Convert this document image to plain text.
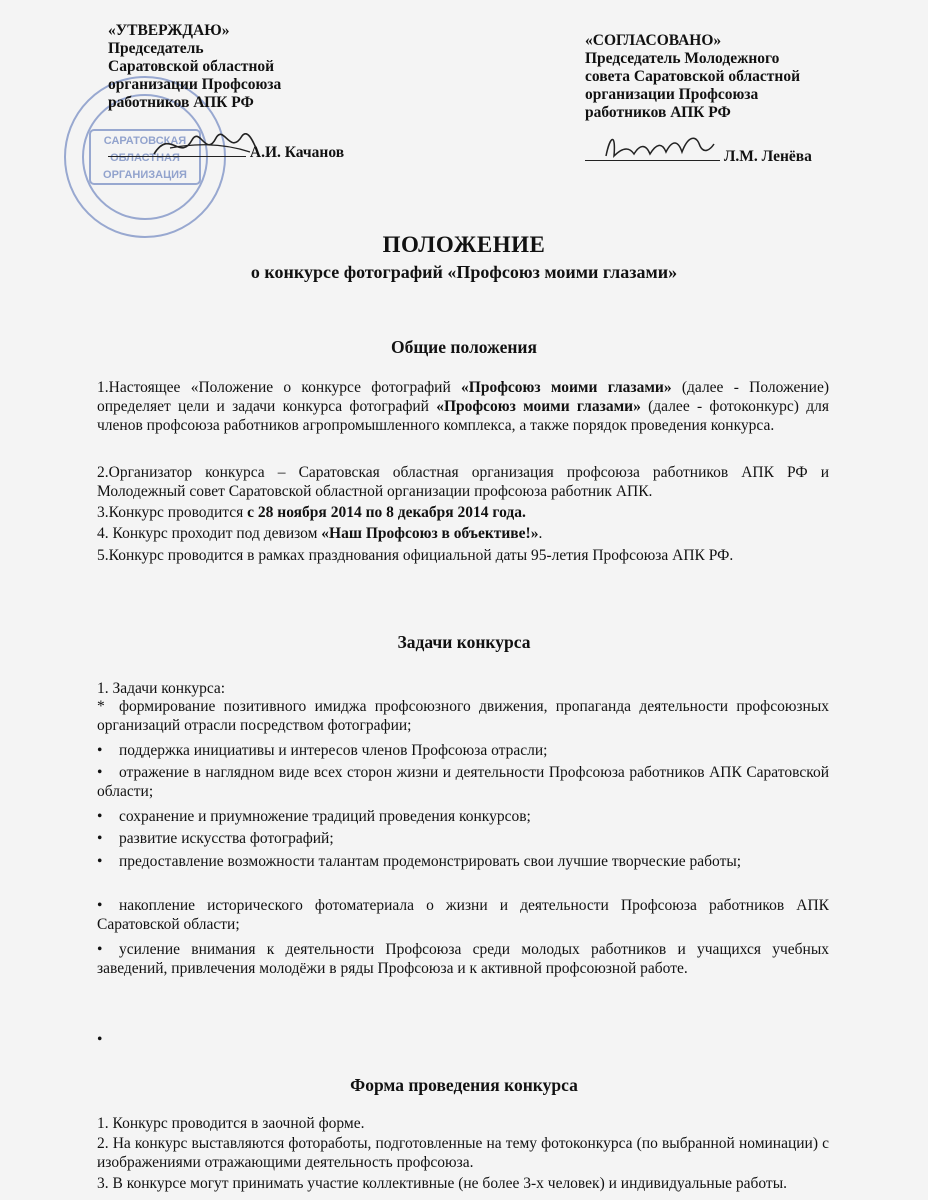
САРАТОВСКАЯ
ОБЛАСТНАЯ
ОРГАНИЗАЦИЯ
«УТВЕРЖДАЮ»
Председатель
Саратовской областной
организации Профсоюза
работников АПК РФ
А.И. Качанов
«СОГЛАСОВАНО»
Председатель Молодежного
совета Саратовской областной
организации Профсоюза
работников АПК РФ
Л.М. Ленёва
ПОЛОЖЕНИЕ
о конкурсе фотографий «Профсоюз моими глазами»
Общие положения

1.Настоящее «Положение о конкурсе фотографий «Профсоюз моими глазами» (далее - Положение) определяет цели и задачи конкурса фотографий «Профсоюз моими глазами» (далее - фотоконкурс) для членов профсоюза работников агропромышленного комплекса, а также порядок проведения конкурса.

2.Организатор конкурса – Саратовская областная организация профсоюза работников АПК РФ и Молодежный совет Саратовской областной организации профсоюза работник АПК.

3.Конкурс проводится с 28 ноября 2014 по 8 декабря 2014 года.

4. Конкурс проходит под девизом «Наш Профсоюз в объективе!».

5.Конкурс проводится в рамках празднования официальной даты 95-летия Профсоюза АПК РФ.

Задачи конкурса
1. Задачи конкурса:
* формирование позитивного имиджа профсоюзного движения, пропаганда деятельности профсоюзных организаций отрасли посредством фотографии;
• поддержка инициативы и интересов членов Профсоюза отрасли;
• отражение в наглядном виде всех сторон жизни и деятельности Профсоюза работников АПК Саратовской области;
• сохранение и приумножение традиций проведения конкурсов;
• развитие искусства фотографий;
• предоставление возможности талантам продемонстрировать свои лучшие творческие работы;
• накопление исторического фотоматериала о жизни и деятельности Профсоюза работников АПК Саратовской области;
• усиление внимания к деятельности Профсоюза среди молодых работников и учащихся учебных заведений, привлечения молодёжи в ряды Профсоюза и к активной профсоюзной работе.
•
Форма проведения конкурса
1. Конкурс проводится в заочной форме.
2. На конкурс выставляются фотоработы, подготовленные на тему фотоконкурса (по выбранной номинации) с изображениями отражающими деятельность профсоюза.
3. В конкурсе могут принимать участие коллективные (не более 3-х человек) и индивидуальные работы.
